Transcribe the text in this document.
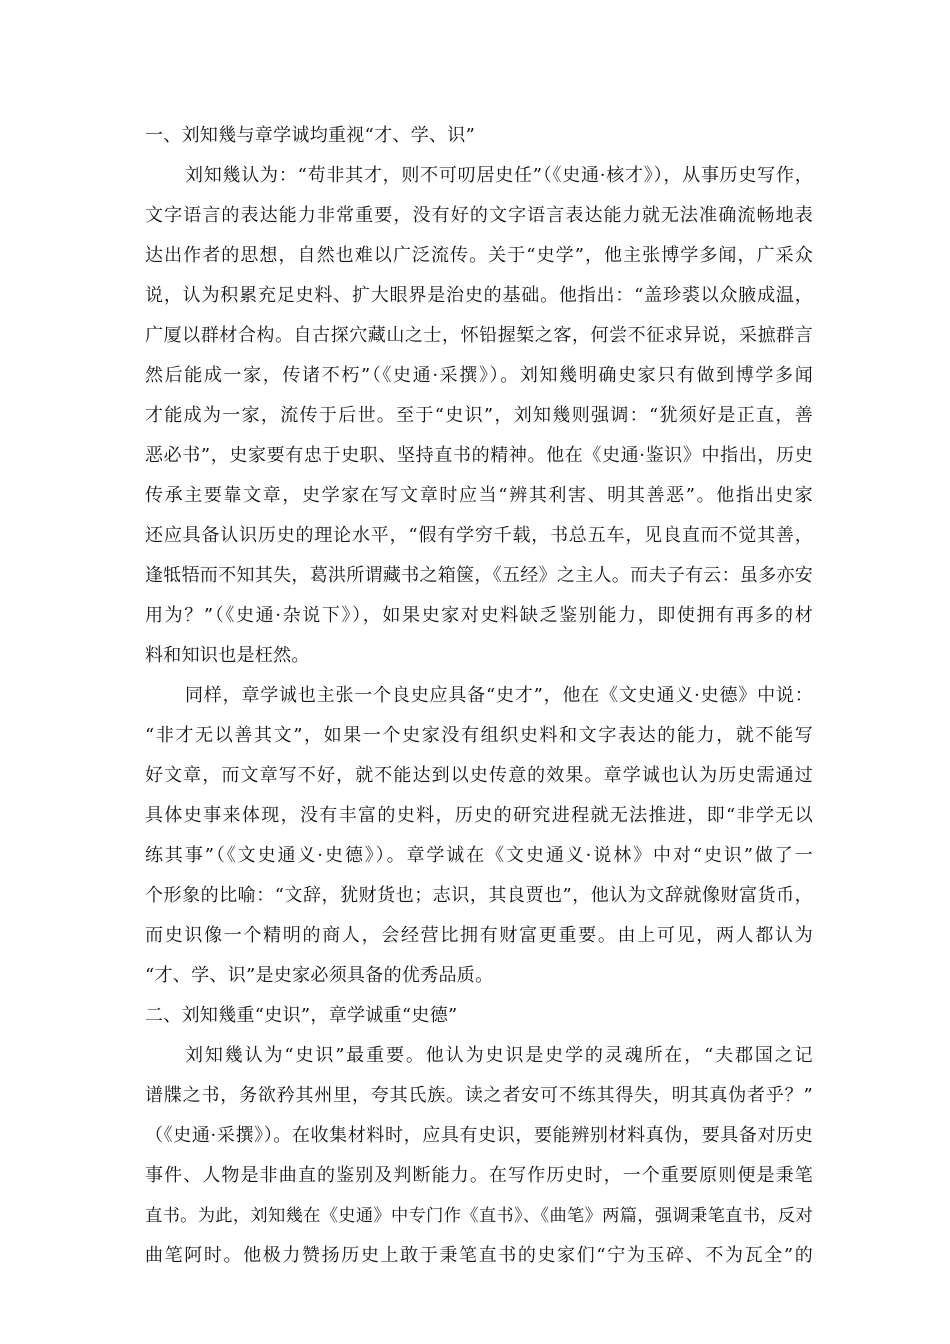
一、刘知幾与章学诚均重视“才、学、识”
刘知幾认为：“苟非其才，则不可叨居史任”（《史通·核才》），从事历史写作，
文字语言的表达能力非常重要，没有好的文字语言表达能力就无法准确流畅地表
达出作者的思想，自然也难以广泛流传。关于“史学”，他主张博学多闻，广采众
说，认为积累充足史料、扩大眼界是治史的基础。他指出：“盖珍裘以众腋成温，
广厦以群材合构。自古探穴藏山之士，怀铅握椠之客，何尝不征求异说，采摭群言
然后能成一家，传诸不朽”（《史通·采撰》）。刘知幾明确史家只有做到博学多闻
才能成为一家，流传于后世。至于“史识”，刘知幾则强调：“犹须好是正直，善
恶必书”，史家要有忠于史职、坚持直书的精神。他在《史通·鉴识》中指出，历史
传承主要靠文章，史学家在写文章时应当“辨其利害、明其善恶”。他指出史家
还应具备认识历史的理论水平，“假有学穷千载，书总五车，见良直而不觉其善，
逢牴牾而不知其失，葛洪所谓藏书之箱箧，《五经》之主人。而夫子有云：虽多亦安
用为？”（《史通·杂说下》），如果史家对史料缺乏鉴别能力，即使拥有再多的材
料和知识也是枉然。
同样，章学诚也主张一个良史应具备“史才”，他在《文史通义·史德》中说：
“非才无以善其文”，如果一个史家没有组织史料和文字表达的能力，就不能写
好文章，而文章写不好，就不能达到以史传意的效果。章学诚也认为历史需通过
具体史事来体现，没有丰富的史料，历史的研究进程就无法推进，即“非学无以
练其事”（《文史通义·史德》）。章学诚在《文史通义·说林》中对“史识”做了一
个形象的比喻：“文辞，犹财货也；志识，其良贾也”，他认为文辞就像财富货币，
而史识像一个精明的商人，会经营比拥有财富更重要。由上可见，两人都认为
“才、学、识”是史家必须具备的优秀品质。
二、刘知幾重“史识”，章学诚重“史德”
刘知幾认为“史识”最重要。他认为史识是史学的灵魂所在，“夫郡国之记
谱牒之书，务欲矜其州里，夸其氏族。读之者安可不练其得失，明其真伪者乎？”
（《史通·采撰》）。在收集材料时，应具有史识，要能辨别材料真伪，要具备对历史
事件、人物是非曲直的鉴别及判断能力。在写作历史时，一个重要原则便是秉笔
直书。为此，刘知幾在《史通》中专门作《直书》、《曲笔》两篇，强调秉笔直书，反对
曲笔阿时。他极力赞扬历史上敢于秉笔直书的史家们“宁为玉碎、不为瓦全”的
